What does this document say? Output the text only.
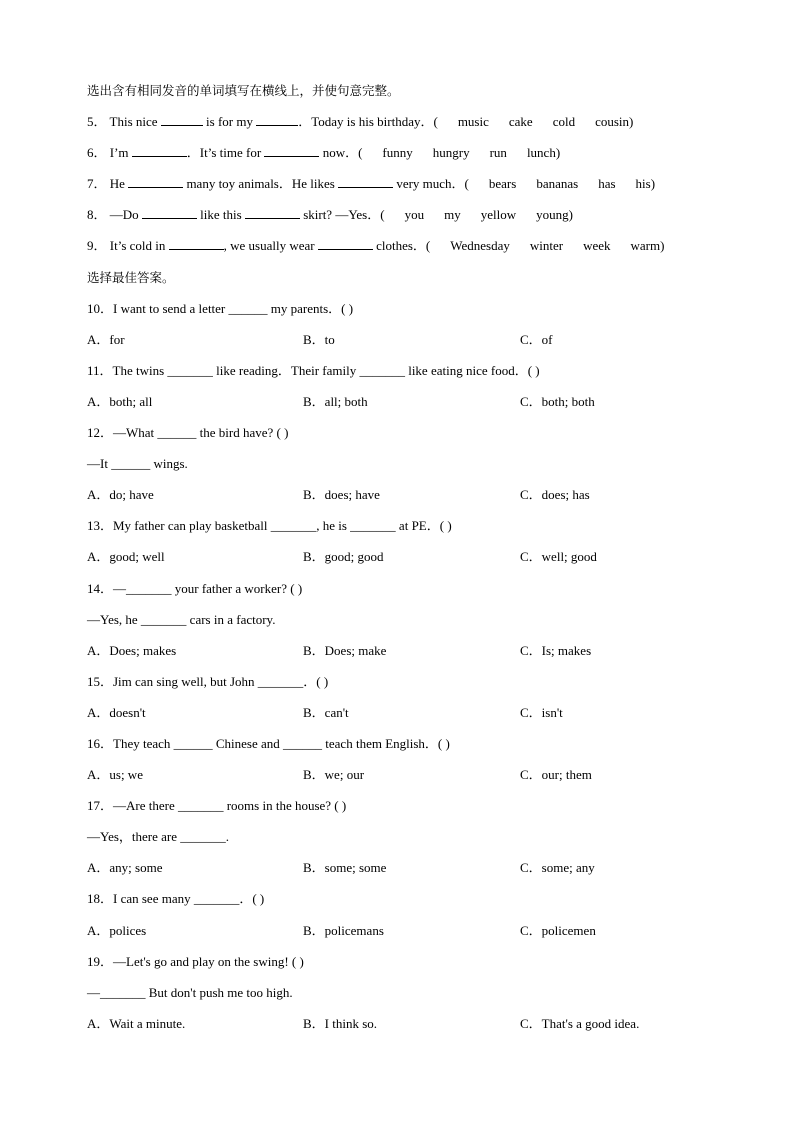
选出含有相同发音的单词填写在横线上，并使句意完整。
5． This nice	is for my	．Today is his birthday．( music cake cold cousin)
6． I’m	．It’s time for	now．( funny hungry run lunch)
7． He	many toy animals．He likes	very much．( bears bananas has his)
8． —Do	like this	skirt? —Yes．( you my yellow young)
9． It’s cold in	, we usually wear	clothes．( Wednesday winter week warm)
选择最佳答案。
10．I want to send a letter ______ my parents．( )
A．for	B．to	C．of
11．The twins _______ like reading．Their family _______ like eating nice food．( )
A．both; all	B．all; both	C．both; both
12．—What ______ the bird have? ( )
—It ______ wings.
A．do; have	B．does; have	C．does; has
13．My father can play basketball _______, he is _______ at PE．( )
A．good; well	B．good; good	C．well; good
14．—_______ your father a worker? ( )
—Yes, he _______ cars in a factory.
A．Does; makes	B．Does; make	C．Is; makes
15．Jim can sing well, but John _______．( )
A．doesn't	B．can't	C．isn't
16．They teach ______ Chinese and ______ teach them English．( )
A．us; we	B．we; our	C．our; them
17．—Are there _______ rooms in the house? ( )
—Yes，there are _______.
A．any; some	B．some; some	C．some; any
18．I can see many _______．( )
A．polices	B．policemans	C．policemen
19．—Let's go and play on the swing! ( )
—_______ But don't push me too high.
A．Wait a minute.	B．I think so.	C．That's a good idea.
